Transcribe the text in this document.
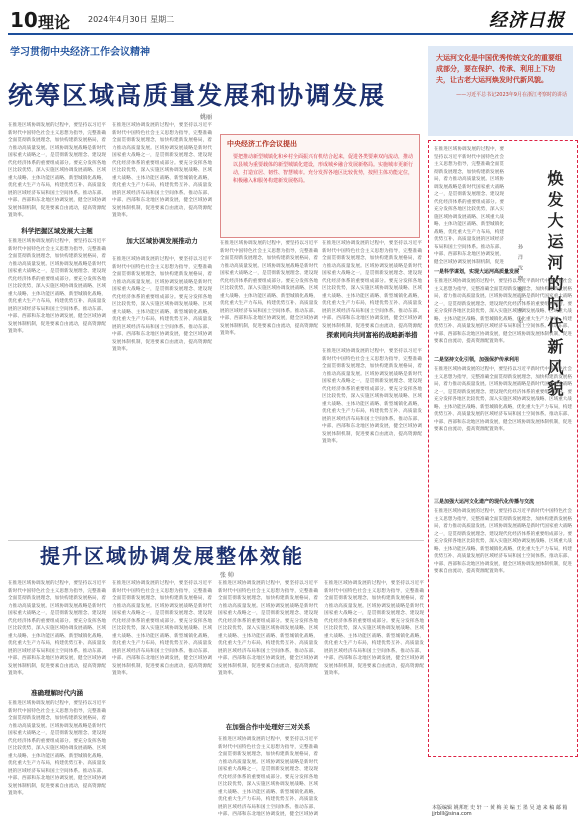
10 理论 2024年4月30日 星期二	经济日报
学习贯彻中央经济工作会议精神
统筹区域高质量发展和协调发展
姚丽

大运河文化是中国优秀传统文化的重要组成部分，要在保护、传承、利用上下功夫，让古老大运河焕发时代新风貌。

——习近平总书记2023年9月在浙江考察时的讲话
在推进区域协调发展的过程中，要坚持以习近平新时代中国特色社会主义思想为指导，完整准确全面贯彻新发展理念，加快构建新发展格局，着力推动高质量发展。区域协调发展战略是新时代国家重大战略之一，是贯彻新发展理念、建设现代化经济体系的重要组成部分。要充分发挥各地区比较优势，深入实施区域协调发展战略、区域重大战略、主体功能区战略、新型城镇化战略，优化重大生产力布局，构建优势互补、高质量发展的区域经济布局和国土空间体系。推动东部、中部、西部和东北地区协调发展，健全区域协调发展体制机制，促进要素自由流动，提高资源配置效率。
科学把握区域发展大主题
在推进区域协调发展的过程中，要坚持以习近平新时代中国特色社会主义思想为指导，完整准确全面贯彻新发展理念，加快构建新发展格局，着力推动高质量发展。区域协调发展战略是新时代国家重大战略之一，是贯彻新发展理念、建设现代化经济体系的重要组成部分。要充分发挥各地区比较优势，深入实施区域协调发展战略、区域重大战略、主体功能区战略、新型城镇化战略，优化重大生产力布局，构建优势互补、高质量发展的区域经济布局和国土空间体系。推动东部、中部、西部和东北地区协调发展，健全区域协调发展体制机制，促进要素自由流动，提高资源配置效率。
在推进区域协调发展的过程中，要坚持以习近平新时代中国特色社会主义思想为指导，完整准确全面贯彻新发展理念，加快构建新发展格局，着力推动高质量发展。区域协调发展战略是新时代国家重大战略之一，是贯彻新发展理念、建设现代化经济体系的重要组成部分。要充分发挥各地区比较优势，深入实施区域协调发展战略、区域重大战略、主体功能区战略、新型城镇化战略，优化重大生产力布局，构建优势互补、高质量发展的区域经济布局和国土空间体系。推动东部、中部、西部和东北地区协调发展，健全区域协调发展体制机制，促进要素自由流动，提高资源配置效率。
加大区域协调发展推动力
在推进区域协调发展的过程中，要坚持以习近平新时代中国特色社会主义思想为指导，完整准确全面贯彻新发展理念，加快构建新发展格局，着力推动高质量发展。区域协调发展战略是新时代国家重大战略之一，是贯彻新发展理念、建设现代化经济体系的重要组成部分。要充分发挥各地区比较优势，深入实施区域协调发展战略、区域重大战略、主体功能区战略、新型城镇化战略，优化重大生产力布局，构建优势互补、高质量发展的区域经济布局和国土空间体系。推动东部、中部、西部和东北地区协调发展，健全区域协调发展体制机制，促进要素自由流动，提高资源配置效率。
中央经济工作会议提出
要把推动新型城镇化和乡村全面振兴有机结合起来，促进各类要素双向流动，推动以县城为重要载体的新型城镇化建设，形成城乡融合发展新格局。实施城市更新行动，打造宜居、韧性、智慧城市。充分发挥各地区比较优势，按照主体功能定位，积极融入和服务构建新发展格局。
在推进区域协调发展的过程中，要坚持以习近平新时代中国特色社会主义思想为指导，完整准确全面贯彻新发展理念，加快构建新发展格局，着力推动高质量发展。区域协调发展战略是新时代国家重大战略之一，是贯彻新发展理念、建设现代化经济体系的重要组成部分。要充分发挥各地区比较优势，深入实施区域协调发展战略、区域重大战略、主体功能区战略、新型城镇化战略，优化重大生产力布局，构建优势互补、高质量发展的区域经济布局和国土空间体系。推动东部、中部、西部和东北地区协调发展，健全区域协调发展体制机制，促进要素自由流动，提高资源配置效率。
在推进区域协调发展的过程中，要坚持以习近平新时代中国特色社会主义思想为指导，完整准确全面贯彻新发展理念，加快构建新发展格局，着力推动高质量发展。区域协调发展战略是新时代国家重大战略之一，是贯彻新发展理念、建设现代化经济体系的重要组成部分。要充分发挥各地区比较优势，深入实施区域协调发展战略、区域重大战略、主体功能区战略、新型城镇化战略，优化重大生产力布局，构建优势互补、高质量发展的区域经济布局和国土空间体系。推动东部、中部、西部和东北地区协调发展，健全区域协调发展体制机制，促进要素自由流动，提高资源配
探索同向共同富裕的战略新举措
在推进区域协调发展的过程中，要坚持以习近平新时代中国特色社会主义思想为指导，完整准确全面贯彻新发展理念，加快构建新发展格局，着力推动高质量发展。区域协调发展战略是新时代国家重大战略之一，是贯彻新发展理念、建设现代化经济体系的重要组成部分。要充分发挥各地区比较优势，深入实施区域协调发展战略、区域重大战略、主体功能区战略、新型城镇化战略，优化重大生产力布局，构建优势互补、高质量发展的区域经济布局和国土空间体系。推动东部、中部、西部和东北地区协调发展，健全区域协调发展体制机制，促进要素自由流动，提高资源配置效率。
焕发大运河的时代新风貌
孙 洋 沈 晓 杨 王 亚 茹
在推进区域协调发展的过程中，要坚持以习近平新时代中国特色社会主义思想为指导，完整准确全面贯彻新发展理念，加快构建新发展格局，着力推动高质量发展。区域协调发展战略是新时代国家重大战略之一，是贯彻新发展理念、建设现代化经济体系的重要组成部分。要充分发挥各地区比较优势，深入实施区域协调发展战略、区域重大战略、主体功能区战略、新型城镇化战略，优化重大生产力布局，构建优势互补、高质量发展的区域经济布局和国土空间体系。推动东部、中部、西部和东北地区协调发展，健全区域协调发展体制机制，促进
一是科学谋划，实现大运河高质量发展
在推进区域协调发展的过程中，要坚持以习近平新时代中国特色社会主义思想为指导，完整准确全面贯彻新发展理念，加快构建新发展格局，着力推动高质量发展。区域协调发展战略是新时代国家重大战略之一，是贯彻新发展理念、建设现代化经济体系的重要组成部分。要充分发挥各地区比较优势，深入实施区域协调发展战略、区域重大战略、主体功能区战略、新型城镇化战略，优化重大生产力布局，构建优势互补、高质量发展的区域经济布局和国土空间体系。推动东部、中部、西部和东北地区协调发展，健全区域协调发展体制机制，促进要素自由流动，提高资源配置效率。
二是坚持文化引领，加强保护传承利用
在推进区域协调发展的过程中，要坚持以习近平新时代中国特色社会主义思想为指导，完整准确全面贯彻新发展理念，加快构建新发展格局，着力推动高质量发展。区域协调发展战略是新时代国家重大战略之一，是贯彻新发展理念、建设现代化经济体系的重要组成部分。要充分发挥各地区比较优势，深入实施区域协调发展战略、区域重大战略、主体功能区战略、新型城镇化战略，优化重大生产力布局，构建优势互补、高质量发展的区域经济布局和国土空间体系。推动东部、中部、西部和东北地区协调发展，健全区域协调发展体制机制，促进要素自由流动，提高资源配置效率。
三是加强大运河文化遗产的现代化传播与交流
在推进区域协调发展的过程中，要坚持以习近平新时代中国特色社会主义思想为指导，完整准确全面贯彻新发展理念，加快构建新发展格局，着力推动高质量发展。区域协调发展战略是新时代国家重大战略之一，是贯彻新发展理念、建设现代化经济体系的重要组成部分。要充分发挥各地区比较优势，深入实施区域协调发展战略、区域重大战略、主体功能区战略、新型城镇化战略，优化重大生产力布局，构建优势互补、高质量发展的区域经济布局和国土空间体系。推动东部、中部、西部和东北地区协调发展，健全区域协调发展体制机制，促进要素自由流动，提高资源配置效率。
提升区域协调发展整体效能
张 帅
在推进区域协调发展的过程中，要坚持以习近平新时代中国特色社会主义思想为指导，完整准确全面贯彻新发展理念，加快构建新发展格局，着力推动高质量发展。区域协调发展战略是新时代国家重大战略之一，是贯彻新发展理念、建设现代化经济体系的重要组成部分。要充分发挥各地区比较优势，深入实施区域协调发展战略、区域重大战略、主体功能区战略、新型城镇化战略，优化重大生产力布局，构建优势互补、高质量发展的区域经济布局和国土空间体系。推动东部、中部、西部和东北地区协调发展，健全区域协调发展体制机制，促进要素自由流动，提高资源配置效率。
准确理解时代内涵
在推进区域协调发展的过程中，要坚持以习近平新时代中国特色社会主义思想为指导，完整准确全面贯彻新发展理念，加快构建新发展格局，着力推动高质量发展。区域协调发展战略是新时代国家重大战略之一，是贯彻新发展理念、建设现代化经济体系的重要组成部分。要充分发挥各地区比较优势，深入实施区域协调发展战略、区域重大战略、主体功能区战略、新型城镇化战略，优化重大生产力布局，构建优势互补、高质量发展的区域经济布局和国土空间体系。推动东部、中部、西部和东北地区协调发展，健全区域协调发展体制机制，促进要素自由流动，提高资源配置效率。
在推进区域协调发展的过程中，要坚持以习近平新时代中国特色社会主义思想为指导，完整准确全面贯彻新发展理念，加快构建新发展格局，着力推动高质量发展。区域协调发展战略是新时代国家重大战略之一，是贯彻新发展理念、建设现代化经济体系的重要组成部分。要充分发挥各地区比较优势，深入实施区域协调发展战略、区域重大战略、主体功能区战略、新型城镇化战略，优化重大生产力布局，构建优势互补、高质量发展的区域经济布局和国土空间体系。推动东部、中部、西部和东北地区协调发展，健全区域协调发展体制机制，促进要素自由流动，提高资源配置效率。
在推进区域协调发展的过程中，要坚持以习近平新时代中国特色社会主义思想为指导，完整准确全面贯彻新发展理念，加快构建新发展格局，着力推动高质量发展。区域协调发展战略是新时代国家重大战略之一，是贯彻新发展理念、建设现代化经济体系的重要组成部分。要充分发挥各地区比较优势，深入实施区域协调发展战略、区域重大战略、主体功能区战略、新型城镇化战略，优化重大生产力布局，构建优势互补、高质量发展的区域经济布局和国土空间体系。推动东部、中部、西部和东北地区协调发展，健全区域协调发展体制机制，促进要素自由流动，提高资源配置效率。
在加强合作中处理好三对关系
在推进区域协调发展的过程中，要坚持以习近平新时代中国特色社会主义思想为指导，完整准确全面贯彻新发展理念，加快构建新发展格局，着力推动高质量发展。区域协调发展战略是新时代国家重大战略之一，是贯彻新发展理念、建设现代化经济体系的重要组成部分。要充分发挥各地区比较优势，深入实施区域协调发展战略、区域重大战略、主体功能区战略、新型城镇化战略，优化重大生产力布局，构建优势互补、高质量发展的区域经济布局和国土空间体系。推动东部、中部、西部和东北地区协调发展，健全区域协调
在推进区域协调发展的过程中，要坚持以习近平新时代中国特色社会主义思想为指导，完整准确全面贯彻新发展理念，加快构建新发展格局，着力推动高质量发展。区域协调发展战略是新时代国家重大战略之一，是贯彻新发展理念、建设现代化经济体系的重要组成部分。要充分发挥各地区比较优势，深入实施区域协调发展战略、区域重大战略、主体功能区战略、新型城镇化战略，优化重大生产力布局，构建优势互补、高质量发展的区域经济布局和国土空间体系。推动东部、中部、西部和东北地区协调发展，健全区域协调发展体制机制，促进要素自由流动，提高资源配置效率。
本版编辑 姚邦旺 史 轩 一 黄 梅 美 编 王 墨 吴 迪 来 稿 邮 箱 jjrblll@sina.com
